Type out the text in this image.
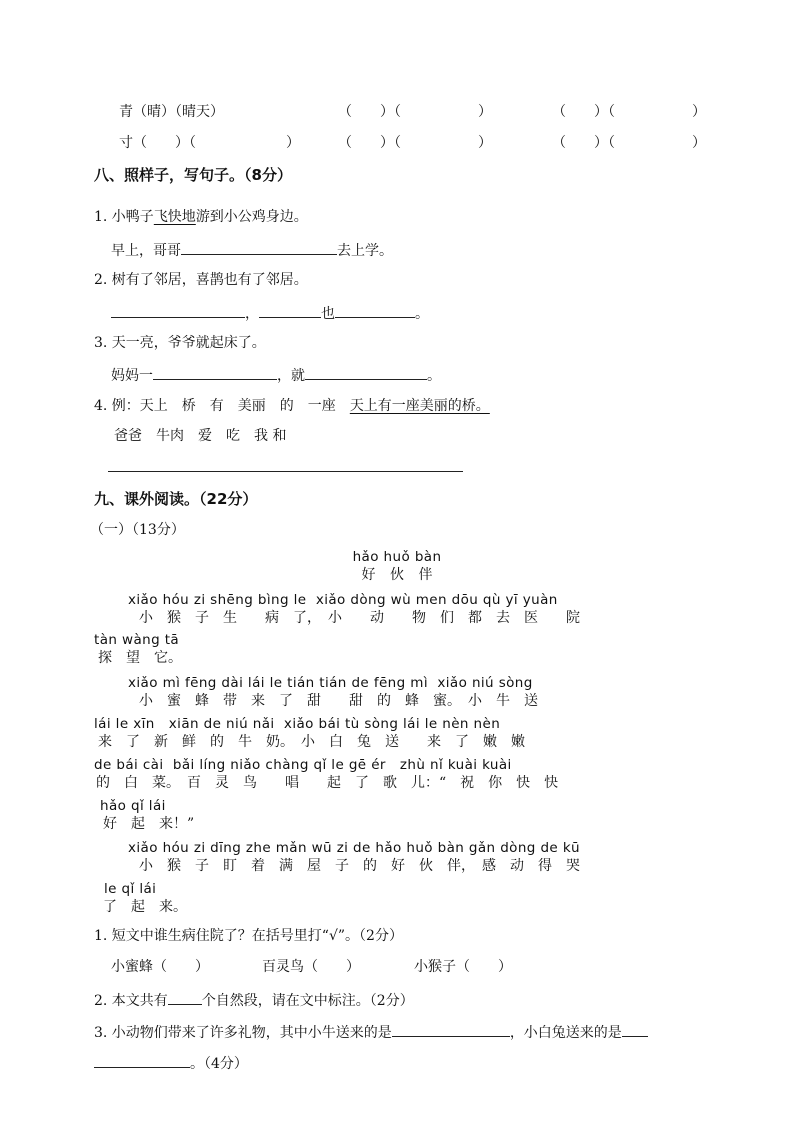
青（晴）（晴天）	（　　）（	）	（　　）（	）
寸（　　）（	）	（　　）（	）	（　　）（	）
八、照样子，写句子。（8分）
1. 小鸭子飞快地游到小公鸡身边。
早上，哥哥	去上学。
2. 树有了邻居，喜鹊也有了邻居。
，	也	。
3. 天一亮，爷爷就起床了。
妈妈一	，就	。
4. 例：天上　桥　有　美丽　的　一座　 天上有一座美丽的桥。
爸爸　牛肉　爱　吃　我 和
九、课外阅读。（22分）
（一）（13分）
hǎo huǒ bàn
好 伙 伴
xiǎo hóu zi shēng bìng le  xiǎo dòng wù men dōu qù yī yuàn
小　猴　子　生　　病　了，　小　　动　　物　们　都　去　医　　院
tàn wàng tā
探　望　它。
xiǎo mì fēng dài lái le tián tián de fēng mì  xiǎo niú sòng
小　蜜　蜂　带　来　了　甜　　甜　的　蜂　蜜。　小　牛　送
lái le xīn   xiān de niú nǎi  xiǎo bái tù sòng lái le nèn nèn
来　了　新　鲜　的　牛　奶。　小　白　兔　送　　来　了　嫩　嫩
de bái cài  bǎi líng niǎo chàng qǐ le gē ér   zhù nǐ kuài kuài
的　白　菜。　百　灵　鸟　　唱　　起　了　歌　儿：“　祝　你　快　快
hǎo qǐ lái
好　起　来！”
xiǎo hóu zi dīng zhe mǎn wū zi de hǎo huǒ bàn gǎn dòng de kū
小　猴　子　盯　着　满　屋　子　的　好　伙　伴，　感　动　得　哭
le qǐ lái
了　起　来。
1. 短文中谁生病住院了？在括号里打“√”。（2分）
小蜜蜂（　　）	百灵鸟（　　）	小猴子（　　）
2. 本文共有 个自然段，请在文中标注。（2分）
3. 小动物们带来了许多礼物，其中小牛送来的是	，小白兔送来的是
。（4分）
